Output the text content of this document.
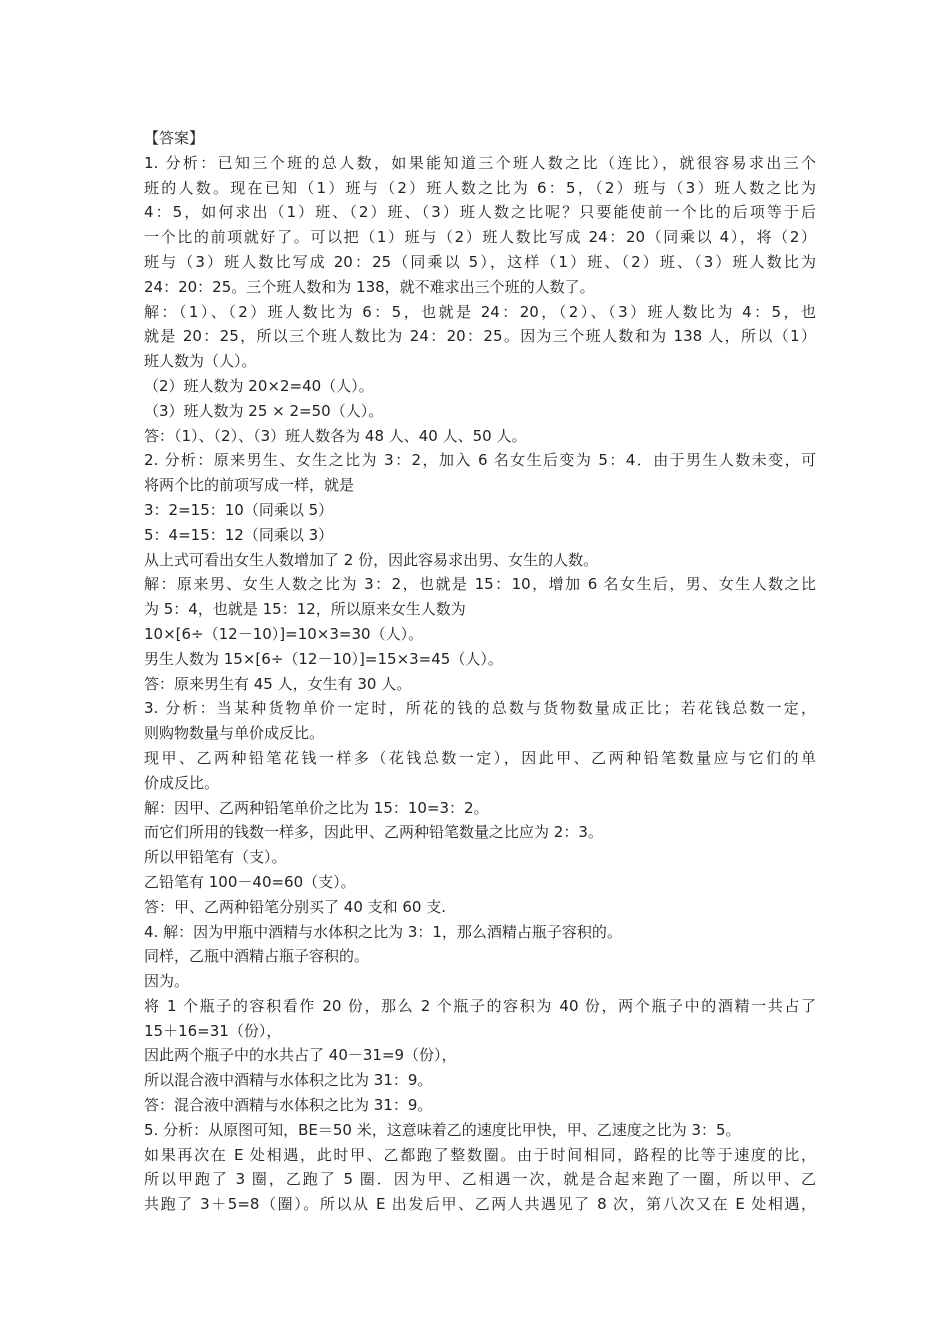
【答案】
1. 分析：已知三个班的总人数，如果能知道三个班人数之比（连比），就很容易求出三个
班的人数。现在已知（1）班与（2）班人数之比为 6：5，（2）班与（3）班人数之比为
4：5，如何求出（1）班、（2）班、（3）班人数之比呢？只要能使前一个比的后项等于后
一个比的前项就好了。可以把（1）班与（2）班人数比写成 24：20（同乘以 4），将（2）
班与（3）班人数比写成 20：25（同乘以 5），这样（1）班、（2）班、（3）班人数比为
24：20：25。三个班人数和为 138，就不难求出三个班的人数了。
解：（1）、（2）班人数比为 6：5，也就是 24：20，（2）、（3）班人数比为 4：5，也
就是 20：25，所以三个班人数比为 24：20：25。因为三个班人数和为 138 人，所以（1）
班人数为（人）。
（2）班人数为 20×2=40（人）。
（3）班人数为 25 × 2=50（人）。
答：（1）、（2）、（3）班人数各为 48 人、40 人、50 人。
2. 分析：原来男生、女生之比为 3：2，加入 6 名女生后变为 5：4．由于男生人数未变，可
将两个比的前项写成一样，就是
3：2=15：10（同乘以 5）
5：4=15：12（同乘以 3）
从上式可看出女生人数增加了 2 份，因此容易求出男、女生的人数。
解：原来男、女生人数之比为 3：2，也就是 15：10，增加 6 名女生后，男、女生人数之比
为 5：4，也就是 15：12，所以原来女生人数为
10×[6÷（12－10）]=10×3=30（人）。
男生人数为 15×[6÷（12－10）]=15×3=45（人）。
答：原来男生有 45 人，女生有 30 人。
3. 分析：当某种货物单价一定时，所花的钱的总数与货物数量成正比；若花钱总数一定，
则购物数量与单价成反比。
现甲、乙两种铅笔花钱一样多（花钱总数一定），因此甲、乙两种铅笔数量应与它们的单
价成反比。
解：因甲、乙两种铅笔单价之比为 15：10=3：2。
而它们所用的钱数一样多，因此甲、乙两种铅笔数量之比应为 2：3。
所以甲铅笔有（支）。
乙铅笔有 100－40=60（支）。
答：甲、乙两种铅笔分别买了 40 支和 60 支.
4. 解：因为甲瓶中酒精与水体积之比为 3：1，那么酒精占瓶子容积的。
同样，乙瓶中酒精占瓶子容积的。
因为。
将 1 个瓶子的容积看作 20 份，那么 2 个瓶子的容积为 40 份，两个瓶子中的酒精一共占了
15＋16=31（份），
因此两个瓶子中的水共占了 40－31=9（份），
所以混合液中酒精与水体积之比为 31：9。
答：混合液中酒精与水体积之比为 31：9。
5. 分析：从原图可知，BE＝50 米，这意味着乙的速度比甲快，甲、乙速度之比为 3：5。
如果再次在 E 处相遇，此时甲、乙都跑了整数圈。由于时间相同，路程的比等于速度的比，
所以甲跑了 3 圈，乙跑了 5 圈．因为甲、乙相遇一次，就是合起来跑了一圈，所以甲、乙
共跑了 3＋5=8（圈）。所以从 E 出发后甲、乙两人共遇见了 8 次，第八次又在 E 处相遇，
